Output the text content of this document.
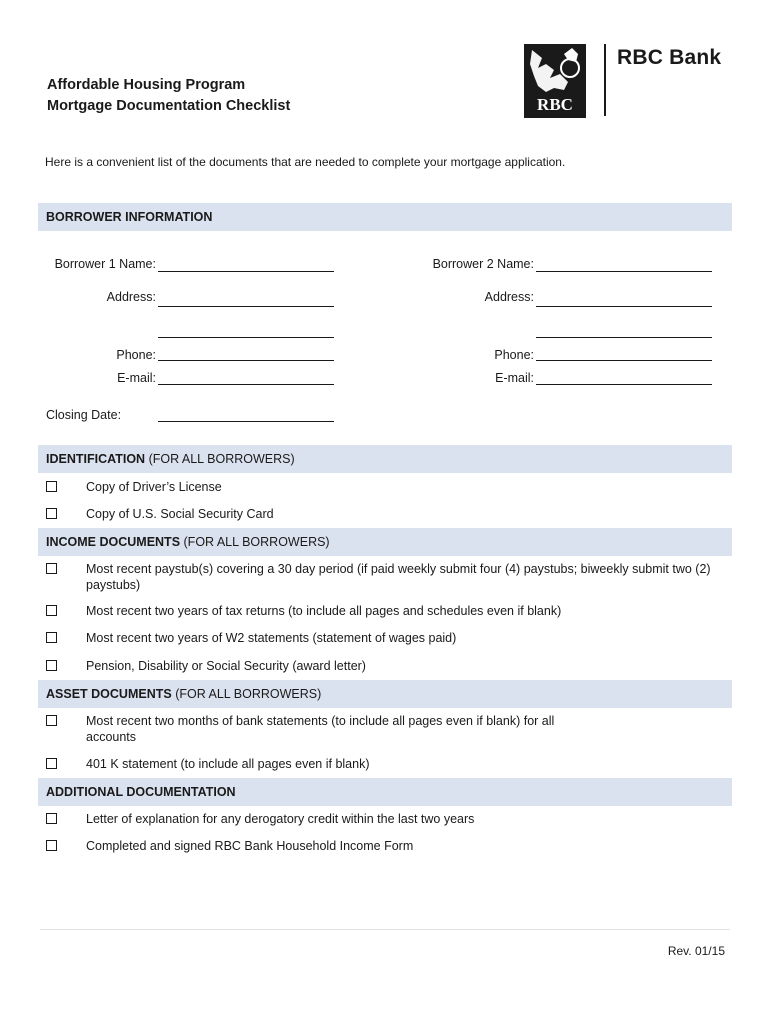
Affordable Housing Program
Mortgage Documentation Checklist	RBC
RBC Bank
Here is a convenient list of the documents that are needed to complete your mortgage application.
BORROWER INFORMATION
Borrower 1 Name:	Borrower 2 Name:
Address:	Address:
Phone:	Phone:
E-mail:	E-mail:
Closing Date:
IDENTIFICATION (FOR ALL BORROWERS)
Copy of Driver’s License
Copy of U.S. Social Security Card
INCOME DOCUMENTS (FOR ALL BORROWERS)
Most recent paystub(s) covering a 30 day period (if paid weekly submit four (4) paystubs; biweekly submit two (2) paystubs)
Most recent two years of tax returns (to include all pages and schedules even if blank)
Most recent two years of W2 statements (statement of wages paid)
Pension, Disability or Social Security (award letter)
ASSET DOCUMENTS (FOR ALL BORROWERS)
Most recent two months of bank statements (to include all pages even if blank) for all accounts
401 K statement (to include all pages even if blank)
ADDITIONAL DOCUMENTATION
Letter of explanation for any derogatory credit within the last two years
Completed and signed RBC Bank Household Income Form
Rev. 01/15
